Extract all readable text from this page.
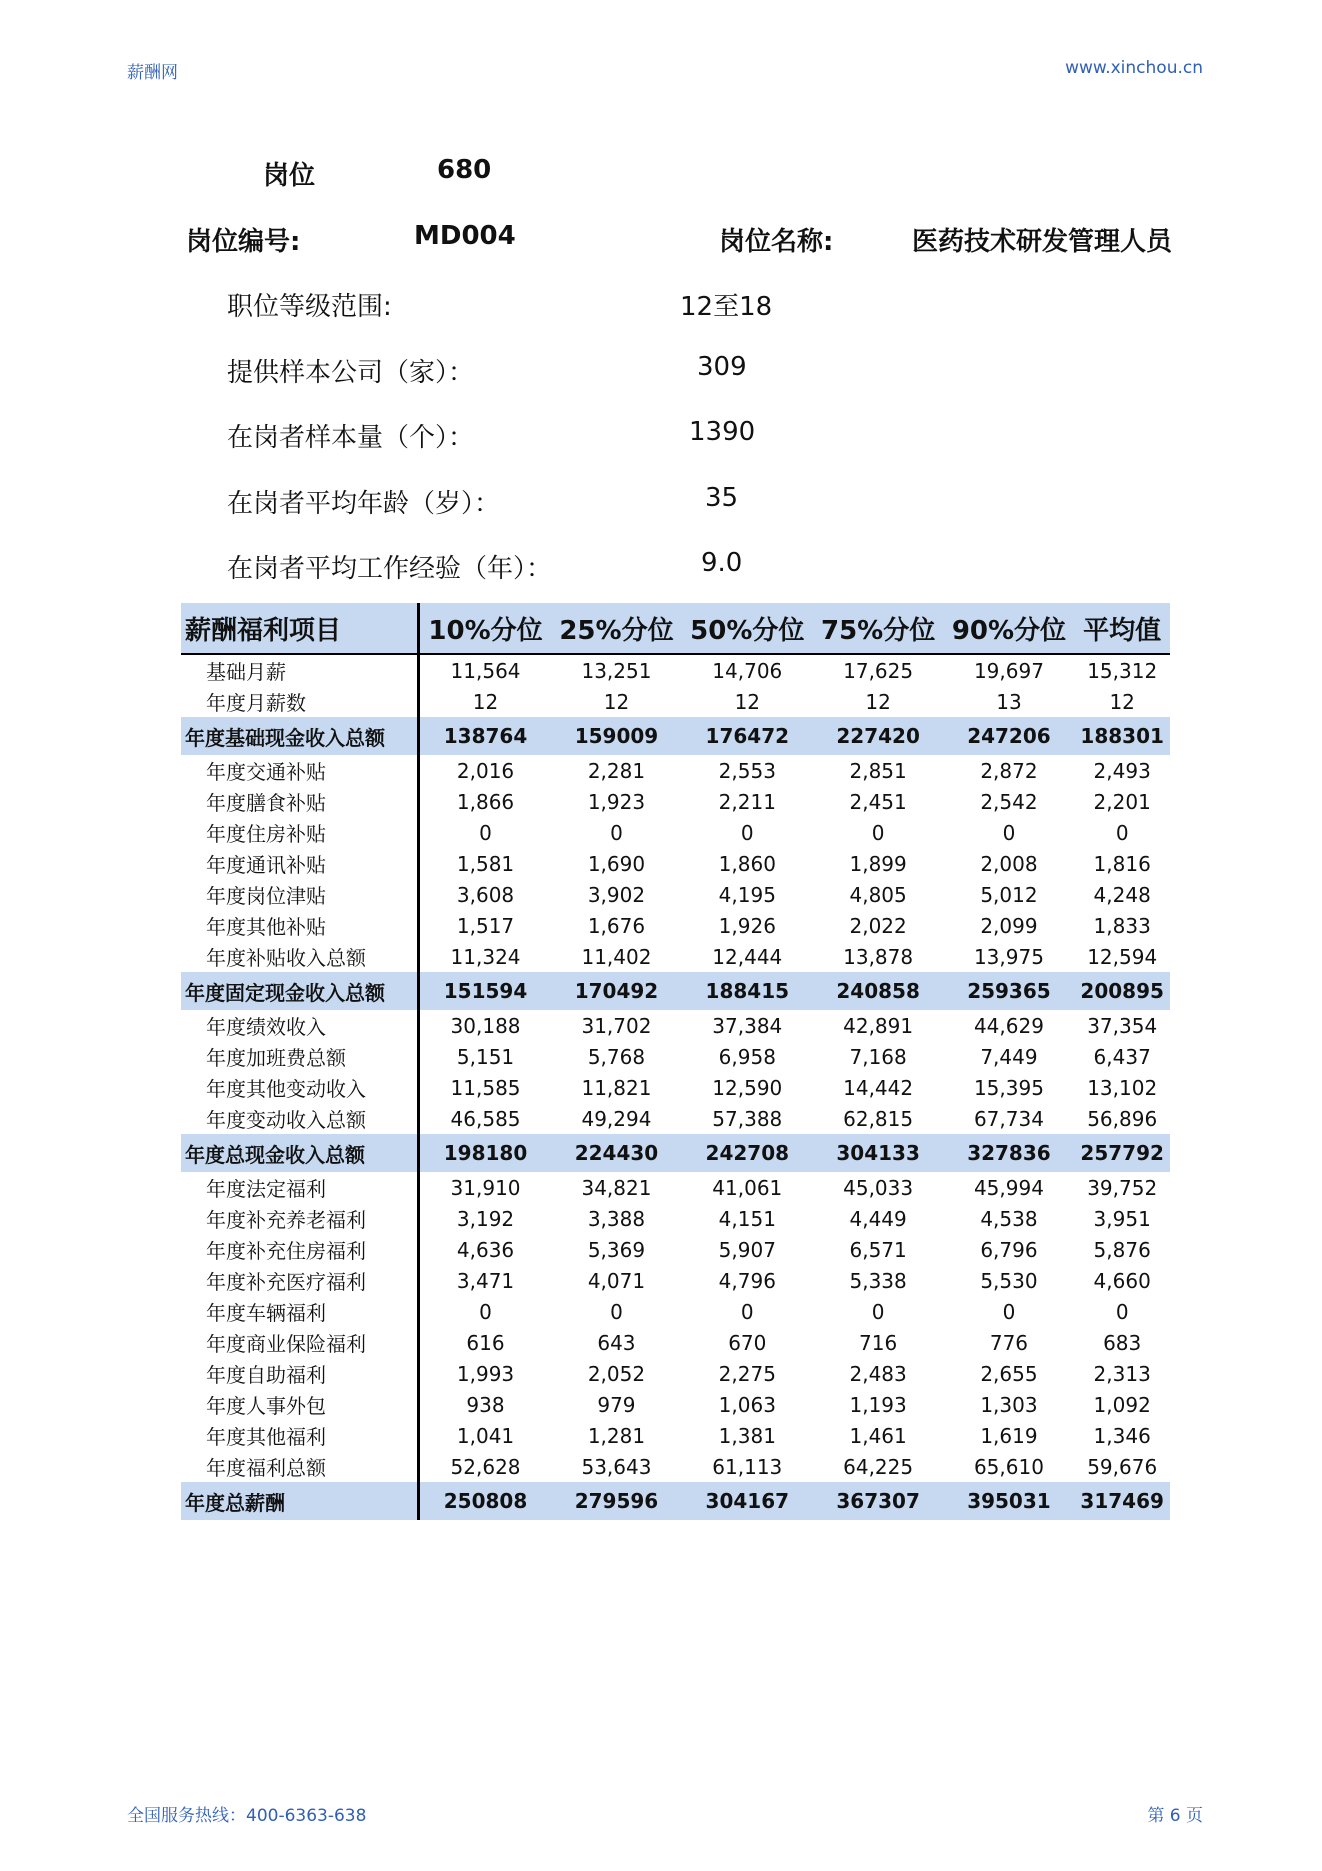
薪酬网	www.xinchou.cn
岗位	680
岗位编号:	MD004	岗位名称:	医药技术研发管理人员
职位等级范围:	12至18
提供样本公司（家）：	309
在岗者样本量（个）：	1390
在岗者平均年龄（岁）：	35
在岗者平均工作经验（年）：	9.0
薪酬福利项目	10%分位	25%分位	50%分位	75%分位	90%分位	平均值
基础月薪	11,564	13,251	14,706	17,625	19,697	15,312
年度月薪数	12	12	12	12	13	12
年度基础现金收入总额	138764	159009	176472	227420	247206	188301
年度交通补贴	2,016	2,281	2,553	2,851	2,872	2,493
年度膳食补贴	1,866	1,923	2,211	2,451	2,542	2,201
年度住房补贴	0	0	0	0	0	0
年度通讯补贴	1,581	1,690	1,860	1,899	2,008	1,816
年度岗位津贴	3,608	3,902	4,195	4,805	5,012	4,248
年度其他补贴	1,517	1,676	1,926	2,022	2,099	1,833
年度补贴收入总额	11,324	11,402	12,444	13,878	13,975	12,594
年度固定现金收入总额	151594	170492	188415	240858	259365	200895
年度绩效收入	30,188	31,702	37,384	42,891	44,629	37,354
年度加班费总额	5,151	5,768	6,958	7,168	7,449	6,437
年度其他变动收入	11,585	11,821	12,590	14,442	15,395	13,102
年度变动收入总额	46,585	49,294	57,388	62,815	67,734	56,896
年度总现金收入总额	198180	224430	242708	304133	327836	257792
年度法定福利	31,910	34,821	41,061	45,033	45,994	39,752
年度补充养老福利	3,192	3,388	4,151	4,449	4,538	3,951
年度补充住房福利	4,636	5,369	5,907	6,571	6,796	5,876
年度补充医疗福利	3,471	4,071	4,796	5,338	5,530	4,660
年度车辆福利	0	0	0	0	0	0
年度商业保险福利	616	643	670	716	776	683
年度自助福利	1,993	2,052	2,275	2,483	2,655	2,313
年度人事外包	938	979	1,063	1,193	1,303	1,092
年度其他福利	1,041	1,281	1,381	1,461	1,619	1,346
年度福利总额	52,628	53,643	61,113	64,225	65,610	59,676
年度总薪酬	250808	279596	304167	367307	395031	317469
全国服务热线：400-6363-638	第 6 页
